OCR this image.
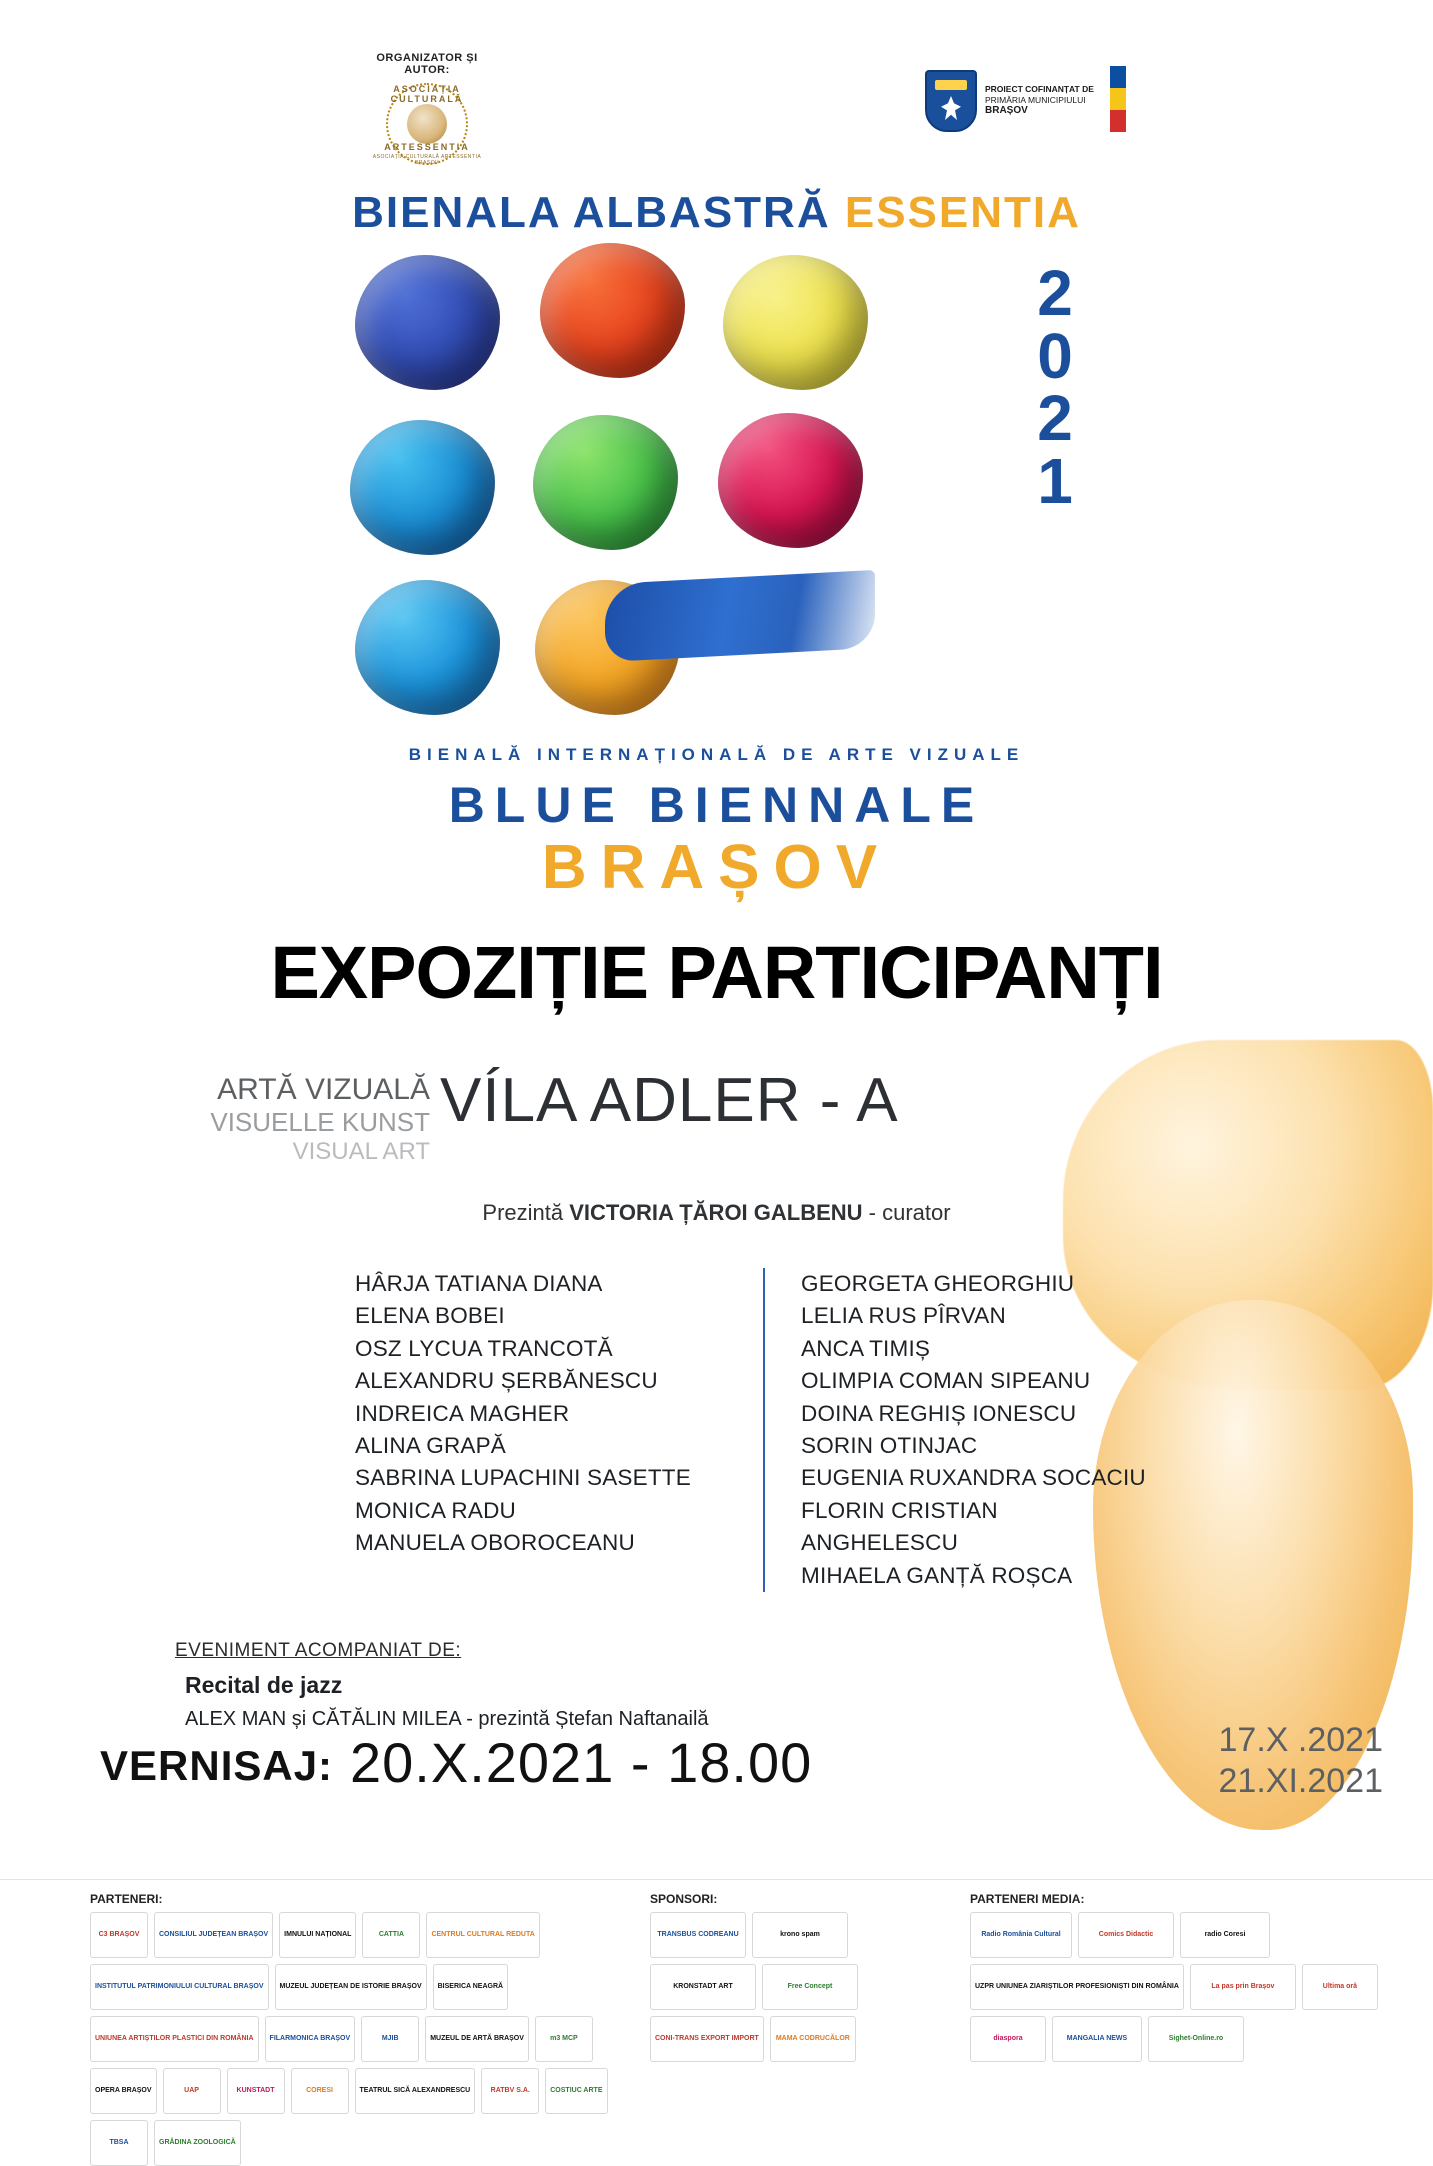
ORGANIZATOR ȘI AUTOR:
ASOCIAȚIA CULTURALĂ
ARTESSENTIA
ASOCIAȚIA CULTURALĂ ARTESSENTIA BRAȘOV
PROIECT COFINANȚAT DE
PRIMĂRIA MUNICIPIULUI
BRAȘOV
BIENALA ALBASTRĂ ESSENTIA
2
0
2
1
BIENALĂ INTERNAȚIONALĂ DE ARTE VIZUALE
BLUE BIENNALE
BRAȘOV
EXPOZIȚIE PARTICIPANȚI
ARTĂ VIZUALĂ
VISUELLE KUNST
VISUAL ART
VÍLA ADLER - A
Prezintă VICTORIA ȚĂROI GALBENU - curator
HÂRJA TATIANA DIANA
ELENA BOBEI
OSZ LYCUA TRANCOTĂ
ALEXANDRU ȘERBĂNESCU
INDREICA MAGHER
ALINA GRAPĂ
SABRINA LUPACHINI SASETTE
MONICA RADU
MANUELA OBOROCEANU
GEORGETA GHEORGHIU
LELIA RUS PÎRVAN
ANCA TIMIȘ
OLIMPIA COMAN SIPEANU
DOINA REGHIȘ IONESCU
SORIN OTINJAC
EUGENIA RUXANDRA SOCACIU
FLORIN CRISTIAN ANGHELESCU
MIHAELA GANȚĂ ROȘCA
EVENIMENT ACOMPANIAT DE:
Recital de jazz
ALEX MAN și CĂTĂLIN MILEA - prezintă Ștefan Naftanailă
VERNISAJ: 20.X.2021 - 18.00	17.X .2021
21.XI.2021

PARTENERI:
C3 BRAȘOV	CONSILIUL JUDEȚEAN BRAȘOV	IMNULUI NAȚIONAL	CATTIA	CENTRUL CULTURAL REDUTA
INSTITUTUL PATRIMONIULUI CULTURAL BRAȘOV	MUZEUL JUDEȚEAN DE ISTORIE BRAȘOV	BISERICA NEAGRĂ
UNIUNEA ARTIȘTILOR PLASTICI DIN ROMÂNIA	FILARMONICA BRAȘOV	MJIB	MUZEUL DE ARTĂ BRAȘOV	m3 MCP
OPERA BRAȘOV	UAP	KUNSTADT	CORESI	TEATRUL SICĂ ALEXANDRESCU	RATBV S.A.	COSTIUC ARTE
TBSA	GRĂDINA ZOOLOGICĂ
SPONSORI:
TRANSBUS CODREANU	krono spam
KRONSTADT ART	Free Concept
CONI-TRANS EXPORT IMPORT	MAMA CODRUCĂLOR
PARTENERI MEDIA:
Radio România Cultural	Comics Didactic	radio Coresi
UZPR UNIUNEA ZIARIȘTILOR PROFESIONIȘTI DIN ROMÂNIA	La pas prin Brașov	Ultima oră
diaspora	MANGALIA NEWS	Sighet-Online.ro
